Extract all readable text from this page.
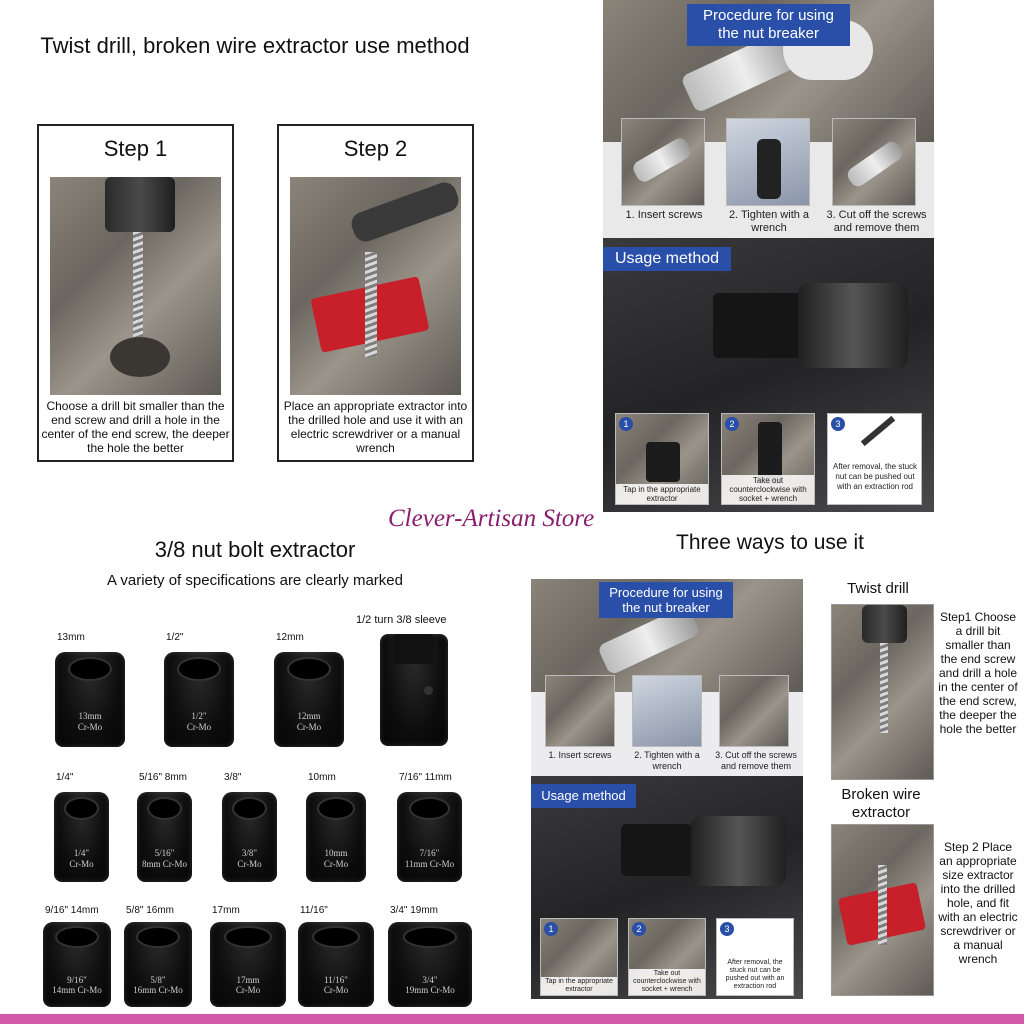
Twist drill, broken wire extractor use method
Step 1
Choose a drill bit smaller than the end screw and drill a hole in the center of the end screw, the deeper the hole the better
Step 2
Place an appropriate extractor into the drilled hole and use it with an electric screwdriver or a manual wrench
Procedure for using the nut breaker
1. Insert screws	2. Tighten with a wrench
3. Cut off the screws and remove them
Usage method
1
Tap in the appropriate extractor
2
Take out counterclockwise with socket + wrench
3
After removal, the stuck nut can be pushed out with an extraction rod
Clever-Artisan Store
3/8 nut bolt extractor
A variety of specifications are clearly marked
13mm
13mm
Cr-Mo
1/2"
1/2"
Cr-Mo
12mm
12mm
Cr-Mo
1/4"
1/4"
Cr-Mo
5/16" 8mm
5/16"
8mm Cr-Mo
3/8"
3/8"
Cr-Mo
10mm
10mm
Cr-Mo
7/16" 11mm
7/16"
11mm Cr-Mo
9/16" 14mm
9/16"
14mm Cr-Mo
5/8" 16mm
5/8"
16mm Cr-Mo
17mm
17mm
Cr-Mo
11/16"
11/16"
Cr-Mo
3/4" 19mm
3/4"
19mm Cr-Mo
1/2 turn 3/8 sleeve
Three ways to use it
Procedure for using the nut breaker
1. Insert screws	2. Tighten with a wrench
3. Cut off the screws and remove them
Usage method
1
Tap in the appropriate extractor
2
Take out counterclockwise with socket + wrench
3
After removal, the stuck nut can be pushed out with an extraction rod
Twist drill
Step1 Choose a drill bit smaller than the end screw and drill a hole in the center of the end screw, the deeper the hole the better
Broken wire extractor
Step 2 Place an appropriate size extractor into the drilled hole, and fit with an electric screwdriver or a manual wrench
